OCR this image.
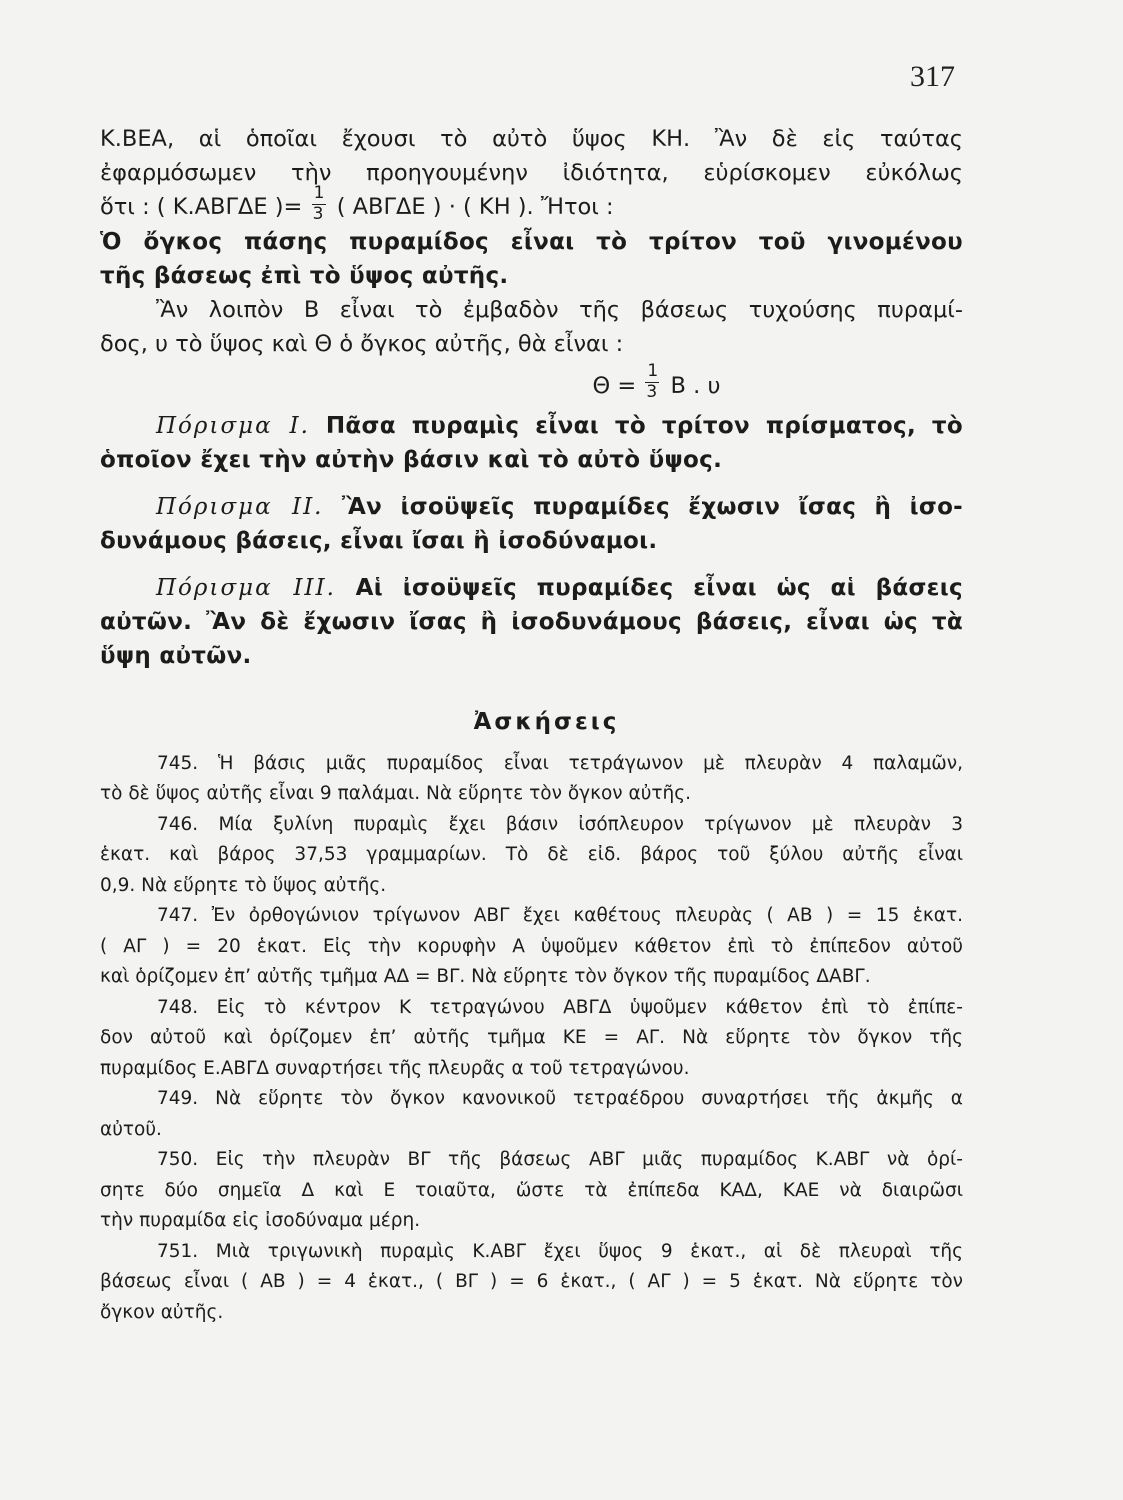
317
Κ.ΒΕΑ, αἱ ὁποῖαι ἔχουσι τὸ αὐτὸ ὕψος ΚΗ. Ἂν δὲ εἰς ταύτας
ἐφαρμόσωμεν τὴν προηγουμένην ἰδιότητα, εὑρίσκομεν εὐκόλως
ὅτι : ( Κ.ΑΒΓΔΕ )= $\frac{1}{3}$ ( ΑΒΓΔΕ ) · ( ΚΗ ). Ἤτοι :
Ὁ ὄγκος πάσης πυραμίδος εἶναι τὸ τρίτον τοῦ γινομένου
τῆς βάσεως ἐπὶ τὸ ὕψος αὐτῆς.
Ἂν λοιπὸν Β εἶναι τὸ ἐμβαδὸν τῆς βάσεως τυχούσης πυραμί-
δος, υ τὸ ὕψος καὶ Θ ὁ ὄγκος αὐτῆς, θὰ εἶναι :
$\Theta = \frac{1}{3}$ Β . υ
Πόρισμα Ι. Πᾶσα πυραμὶς εἶναι τὸ τρίτον πρίσματος, τὸ
ὁποῖον ἔχει τὴν αὐτὴν βάσιν καὶ τὸ αὐτὸ ὕψος.
Πόρισμα ΙΙ. Ἂν ἰσοϋψεῖς πυραμίδες ἔχωσιν ἴσας ἢ ἰσο-
δυνάμους βάσεις, εἶναι ἴσαι ἢ ἰσοδύναμοι.
Πόρισμα ΙΙΙ. Αἱ ἰσοϋψεῖς πυραμίδες εἶναι ὡς αἱ βάσεις
αὐτῶν. Ἂν δὲ ἔχωσιν ἴσας ἢ ἰσοδυνάμους βάσεις, εἶναι ὡς τὰ
ὕψη αὐτῶν.
Ἀσκήσεις
745. Ἡ βάσις μιᾶς πυραμίδος εἶναι τετράγωνον μὲ πλευρὰν 4 παλαμῶν,
τὸ δὲ ὕψος αὐτῆς εἶναι 9 παλάμαι. Νὰ εὕρητε τὸν ὄγκον αὐτῆς.
746. Μία ξυλίνη πυραμὶς ἔχει βάσιν ἰσόπλευρον τρίγωνον μὲ πλευρὰν 3
ἑκατ. καὶ βάρος 37,53 γραμμαρίων. Τὸ δὲ εἰδ. βάρος τοῦ ξύλου αὐτῆς εἶναι
0,9. Νὰ εὕρητε τὸ ὕψος αὐτῆς.
747. Ἐν ὀρθογώνιον τρίγωνον ΑΒΓ ἔχει καθέτους πλευρὰς ( ΑΒ ) = 15 ἑκατ.
( ΑΓ ) = 20 ἑκατ. Εἰς τὴν κορυφὴν Α ὑψοῦμεν κάθετον ἐπὶ τὸ ἐπίπεδον αὐτοῦ
καὶ ὁρίζομεν ἐπ’ αὐτῆς τμῆμα ΑΔ = ΒΓ. Νὰ εὕρητε τὸν ὄγκον τῆς πυραμίδος ΔΑΒΓ.
748. Εἰς τὸ κέντρον Κ τετραγώνου ΑΒΓΔ ὑψοῦμεν κάθετον ἐπὶ τὸ ἐπίπε-
δον αὐτοῦ καὶ ὁρίζομεν ἐπ’ αὐτῆς τμῆμα ΚΕ = ΑΓ. Νὰ εὕρητε τὸν ὄγκον τῆς
πυραμίδος Ε.ΑΒΓΔ συναρτήσει τῆς πλευρᾶς α τοῦ τετραγώνου.
749. Νὰ εὕρητε τὸν ὄγκον κανονικοῦ τετραέδρου συναρτήσει τῆς ἀκμῆς α
αὐτοῦ.
750. Εἰς τὴν πλευρὰν ΒΓ τῆς βάσεως ΑΒΓ μιᾶς πυραμίδος Κ.ΑΒΓ νὰ ὁρί-
σητε δύο σημεῖα Δ καὶ Ε τοιαῦτα, ὥστε τὰ ἐπίπεδα ΚΑΔ, ΚΑΕ νὰ διαιρῶσι
τὴν πυραμίδα εἰς ἰσοδύναμα μέρη.
751. Μιὰ τριγωνικὴ πυραμὶς Κ.ΑΒΓ ἔχει ὕψος 9 ἑκατ., αἱ δὲ πλευραὶ τῆς
βάσεως εἶναι ( ΑΒ ) = 4 ἑκατ., ( ΒΓ ) = 6 ἑκατ., ( ΑΓ ) = 5 ἑκατ. Νὰ εὕρητε τὸν
ὄγκον αὐτῆς.
